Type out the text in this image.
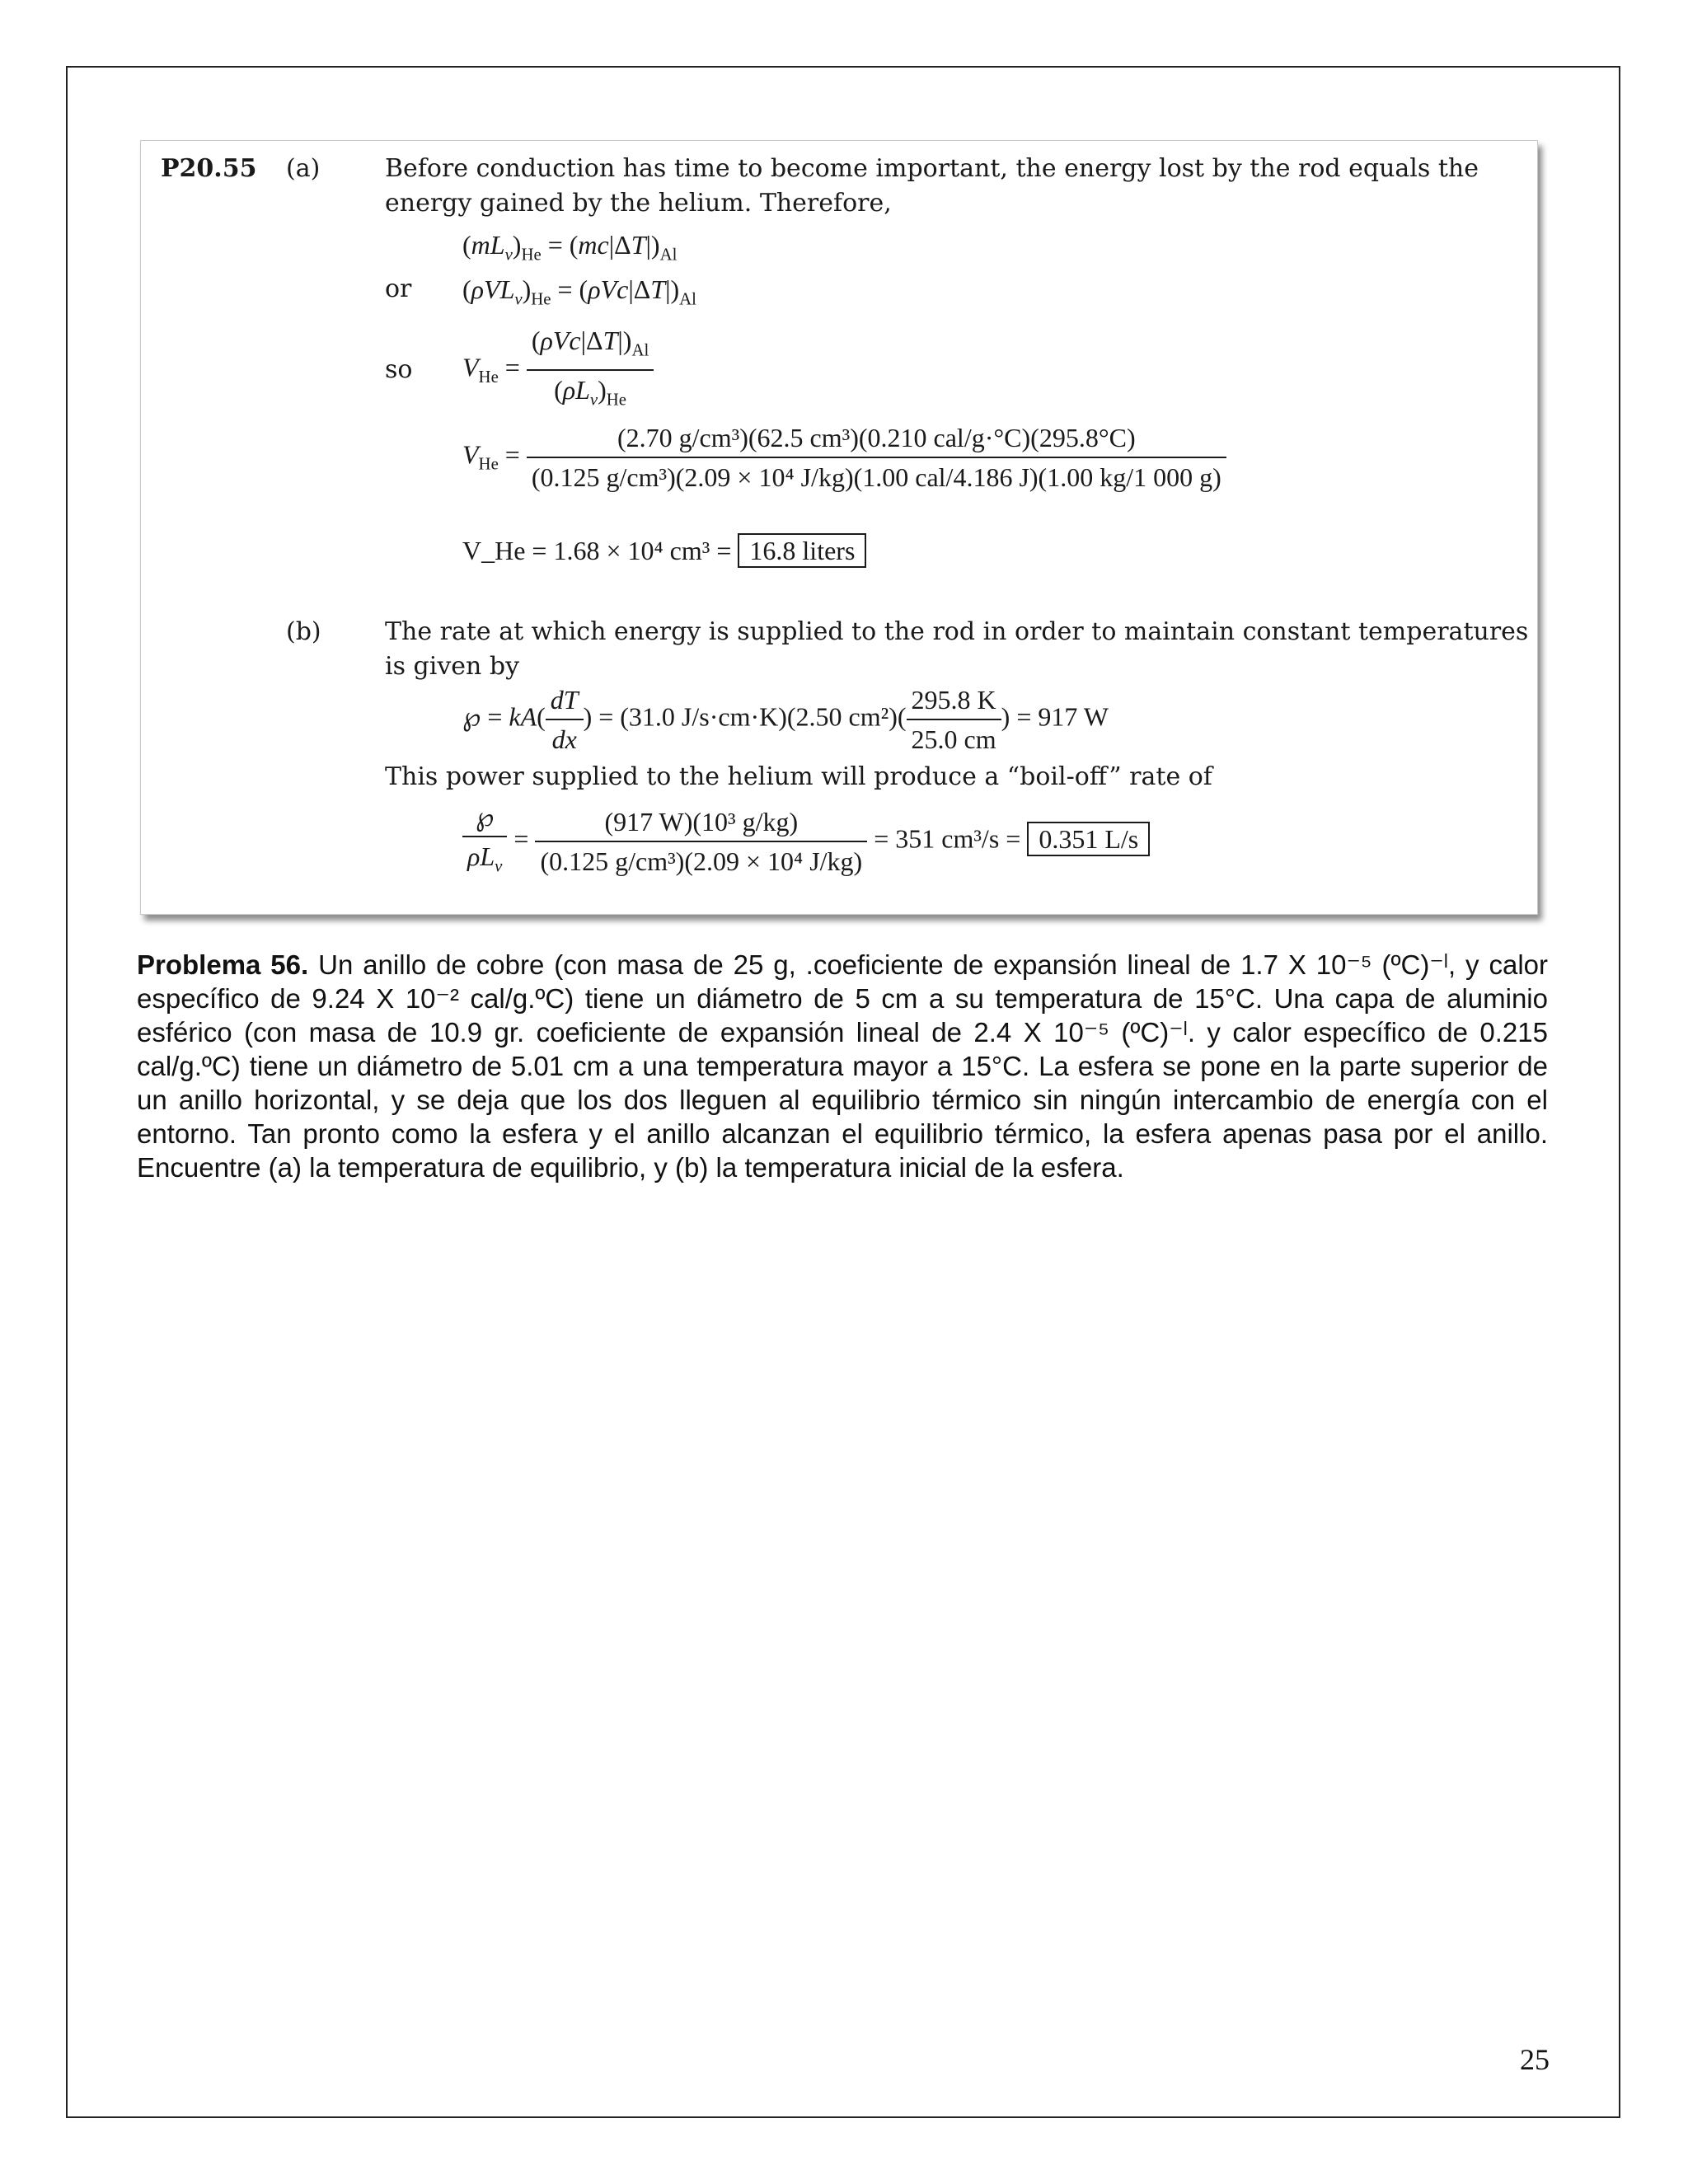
P20.55 (a)	Before conduction has time to become important, the energy lost by the rod equals the
energy gained by the helium. Therefore,
$(mL_v)_{He} = (mc|\Delta T|)_{Al}$
or $(\rho VL_v)_{He} = (\rho Vc|\Delta T|)_{Al}$
so $V_{He} = \frac{(\rho Vc|\Delta T|)_{Al}}{(\rho L_v)_{He}}$
$V_{He}$ =
(2.70 g/cm³)(62.5 cm³)(0.210 cal/g·°C)(295.8°C)
(0.125 g/cm³)(2.09 × 10⁴ J/kg)(1.00 cal/4.186 J)(1.00 kg/1 000 g)
V_He = 1.68 × 10⁴ cm³ = 16.8 liters
(b)	The rate at which energy is supplied to the rod in order to maintain constant temperatures
is given by
℘ = $kA( \frac{dT}{dx}$ ) = (31.0 J/s·cm·K)(2.50 $cm^2)( \frac{295.8 K}{25.0 cm}$ ) = 917 W
This power supplied to the helium will produce a “boil-off” rate of
$\frac{℘}{\rho L_v} = \frac{\text{(917 W)(10³ g/kg)}}{\text{(0.125 g/cm³)(2.09 × 10⁴ J/kg)}} = 351$ cm³/s = 0.351 L/s
Problema 56. Un anillo de cobre (con masa de 25 g, .coeficiente de expansión lineal de 1.7 X 10⁻⁵ (ºC)⁻ˡ, y calor específico de 9.24 X 10⁻² cal/g.ºC) tiene un diámetro de 5 cm a su temperatura de 15°C. Una capa de aluminio esférico (con masa de 10.9 gr. coeficiente de expansión lineal de 2.4 X 10⁻⁵ (ºC)⁻ˡ. y calor específico de 0.215 cal/g.ºC) tiene un diámetro de 5.01 cm a una temperatura mayor a 15°C. La esfera se pone en la parte superior de un anillo horizontal, y se deja que los dos lleguen al equilibrio térmico sin ningún intercambio de energía con el entorno. Tan pronto como la esfera y el anillo alcanzan el equilibrio térmico, la esfera apenas pasa por el anillo. Encuentre (a) la temperatura de equilibrio, y (b) la temperatura inicial de la esfera.
25
